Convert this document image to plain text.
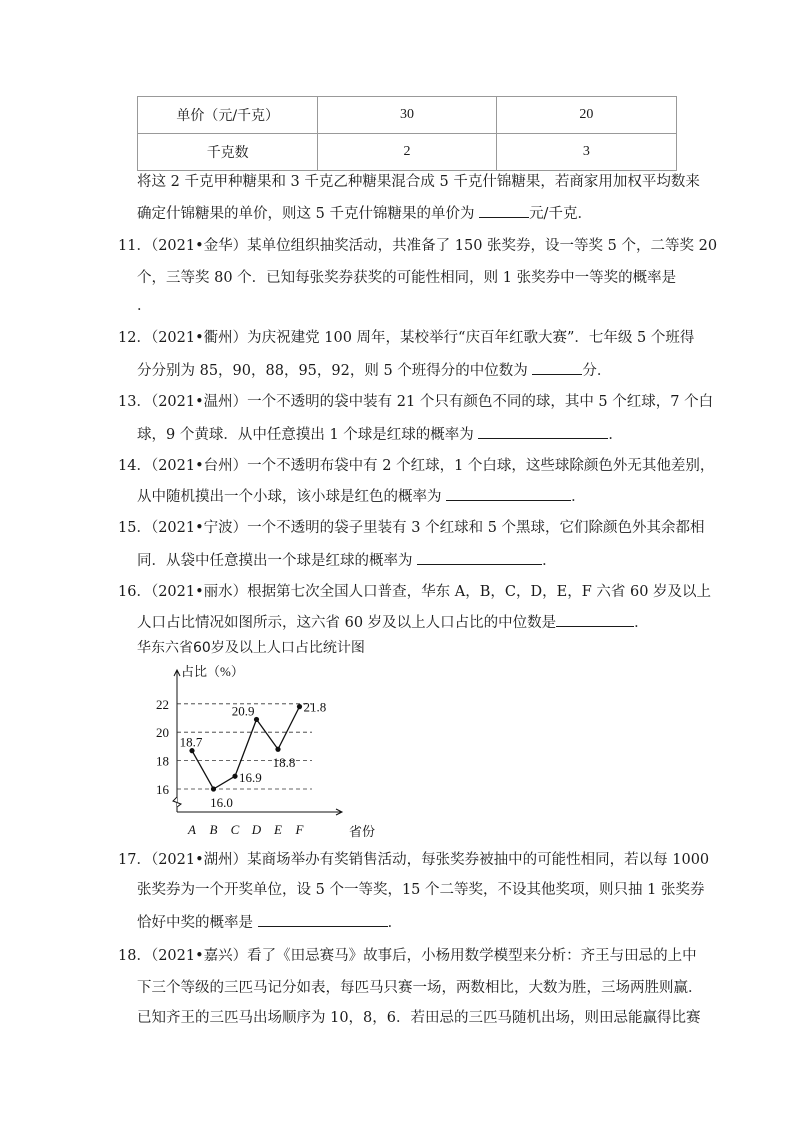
单价（元/千克）	30	20
千克数	2	3
将这 2 千克甲种糖果和 3 千克乙种糖果混合成 5 千克什锦糖果，若商家用加权平均数来
确定什锦糖果的单价，则这 5 千克什锦糖果的单价为	元/千克．
11．（2021•金华）某单位组织抽奖活动，共准备了 150 张奖券，设一等奖 5 个，二等奖 20
个，三等奖 80 个．已知每张奖券获奖的可能性相同，则 1 张奖券中一等奖的概率是
．
12．（2021•衢州）为庆祝建党 100 周年，某校举行“庆百年红歌大赛”．七年级 5 个班得
分分别为 85，90，88，95，92，则 5 个班得分的中位数为	分．
13．（2021•温州）一个不透明的袋中装有 21 个只有颜色不同的球，其中 5 个红球，7 个白
球，9 个黄球．从中任意摸出 1 个球是红球的概率为	．
14．（2021•台州）一个不透明布袋中有 2 个红球，1 个白球，这些球除颜色外无其他差别，
从中随机摸出一个小球，该小球是红色的概率为	．
15．（2021•宁波）一个不透明的袋子里装有 3 个红球和 5 个黑球，它们除颜色外其余都相
同．从袋中任意摸出一个球是红球的概率为	．
16．（2021•丽水）根据第七次全国人口普查，华东 A，B，C，D，E，F 六省 60 岁及以上
人口占比情况如图所示，这六省 60 岁及以上人口占比的中位数是	．
华东六省60岁及以上人口占比统计图
16
18
20
22
占比（%）
A B C D E F	省份
18.7
16.0
16.9
20.9
18.8
21.8
17．（2021•湖州）某商场举办有奖销售活动，每张奖券被抽中的可能性相同，若以每 1000
张奖券为一个开奖单位，设 5 个一等奖，15 个二等奖，不设其他奖项，则只抽 1 张奖券
恰好中奖的概率是	．
18．（2021•嘉兴）看了《田忌赛马》故事后，小杨用数学模型来分析：齐王与田忌的上中
下三个等级的三匹马记分如表，每匹马只赛一场，两数相比，大数为胜，三场两胜则赢．
已知齐王的三匹马出场顺序为 10，8，6．若田忌的三匹马随机出场，则田忌能赢得比赛
